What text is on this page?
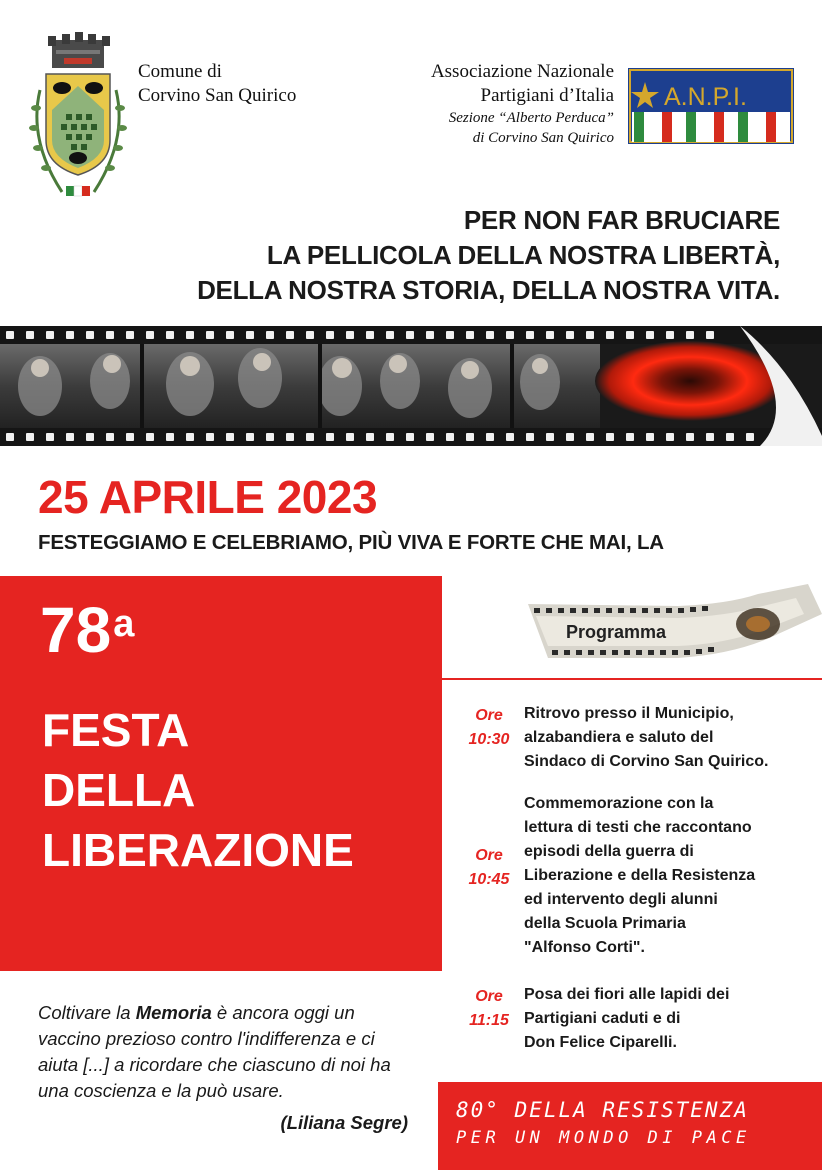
Comune di
Corvino San Quirico
Associazione Nazionale
Partigiani d’Italia
Sezione “Alberto Perduca”
di Corvino San Quirico
A.N.P.I.
PER NON FAR BRUCIARE
LA PELLICOLA DELLA NOSTRA LIBERTÀ,
DELLA NOSTRA STORIA, DELLA NOSTRA VITA.
25 APRILE 2023
FESTEGGIAMO E CELEBRIAMO, PIÙ VIVA E FORTE CHE MAI, LA
78$^a$
FESTA
DELLA
LIBERAZIONE
Programma
Ore
10:30
Ritrovo presso il Municipio,
alzabandiera e saluto del
Sindaco di Corvino San Quirico.
Ore
10:45
Commemorazione con la
lettura di testi che raccontano
episodi della guerra di
Liberazione e della Resistenza
ed intervento degli alunni
della Scuola Primaria
"Alfonso Corti".
Ore
11:15
Posa dei fiori alle lapidi dei
Partigiani caduti e di
Don Felice Ciparelli.
Coltivare la Memoria è ancora oggi un vaccino prezioso contro l'indifferenza e ci aiuta [...] a ricordare che ciascuno di noi ha una coscienza e la può usare.
(Liliana Segre)
80° DELLA RESISTENZA
PER UN MONDO DI PACE
